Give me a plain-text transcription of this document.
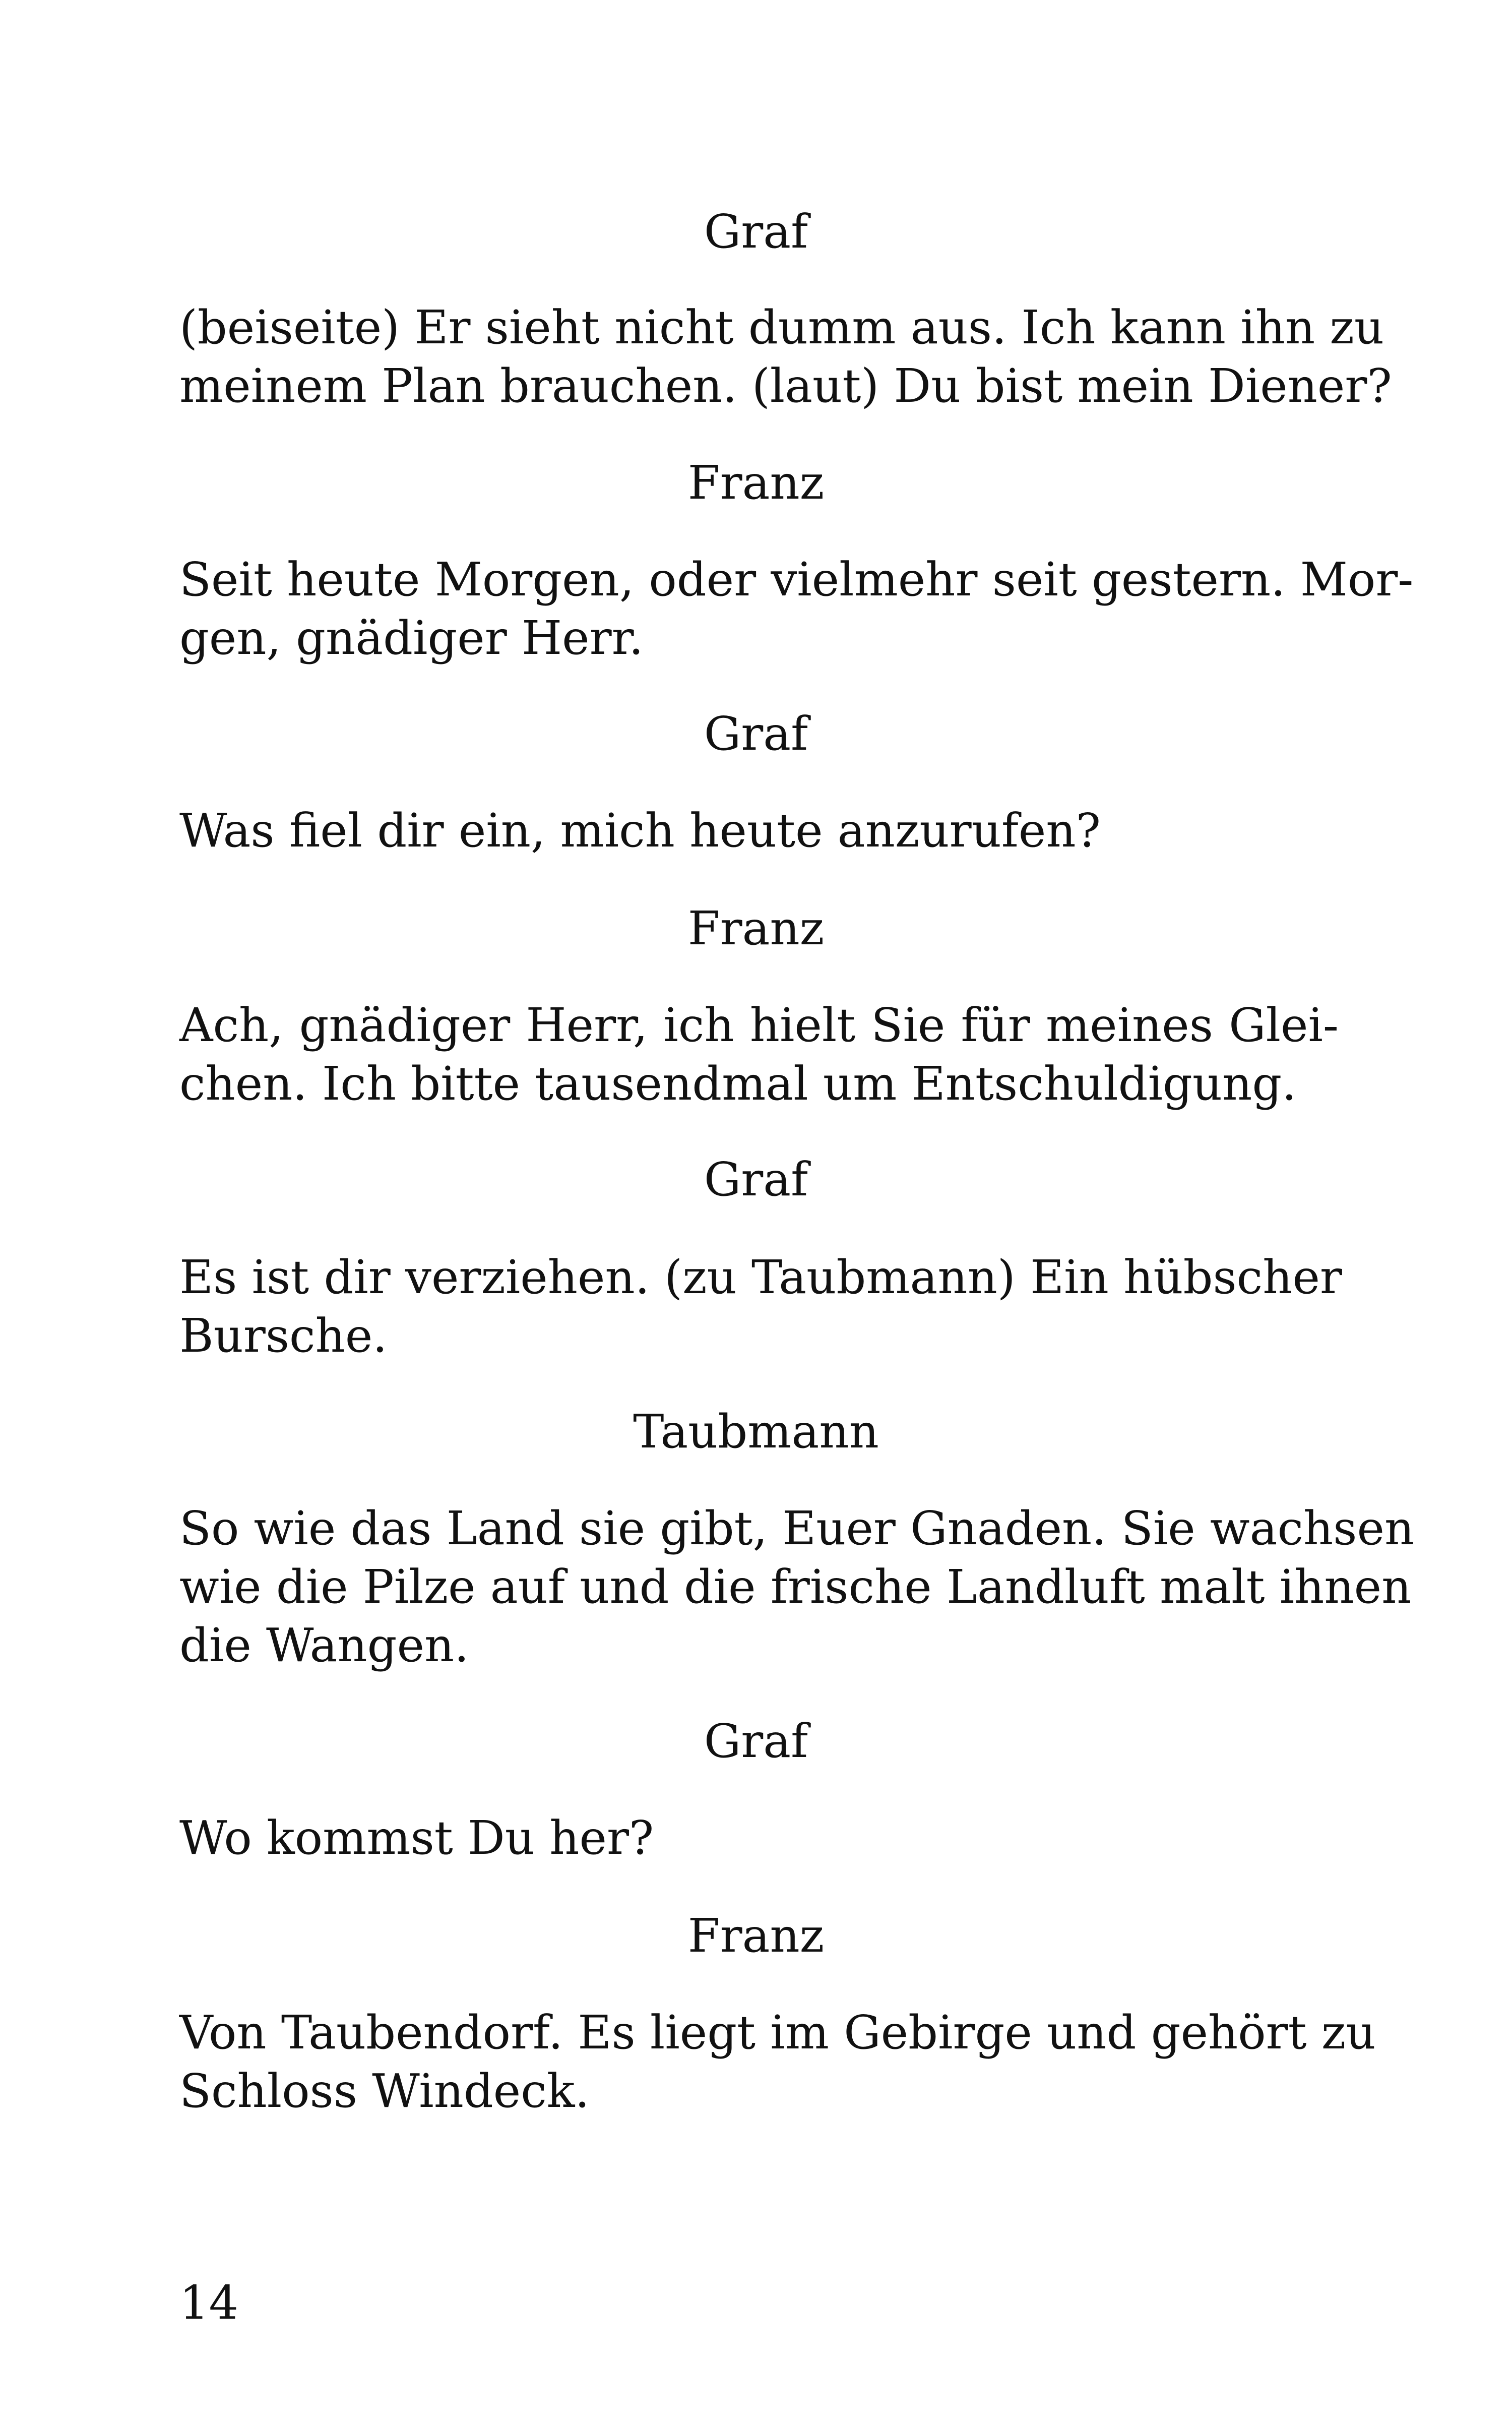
Graf
(beiseite) Er sieht nicht dumm aus. Ich kann ihn zu
meinem Plan brauchen. (laut) Du bist mein Diener?
Franz
Seit heute Morgen, oder vielmehr seit gestern. Mor-
gen, gnädiger Herr.
Graf
Was fiel dir ein, mich heute anzurufen?
Franz
Ach, gnädiger Herr, ich hielt Sie für meines Glei-
chen. Ich bitte tausendmal um Entschuldigung.
Graf
Es ist dir verziehen. (zu Taubmann) Ein hübscher
Bursche.
Taubmann
So wie das Land sie gibt, Euer Gnaden. Sie wachsen
wie die Pilze auf und die frische Landluft malt ihnen
die Wangen.
Graf
Wo kommst Du her?
Franz
Von Taubendorf. Es liegt im Gebirge und gehört zu
Schloss Windeck.
14
